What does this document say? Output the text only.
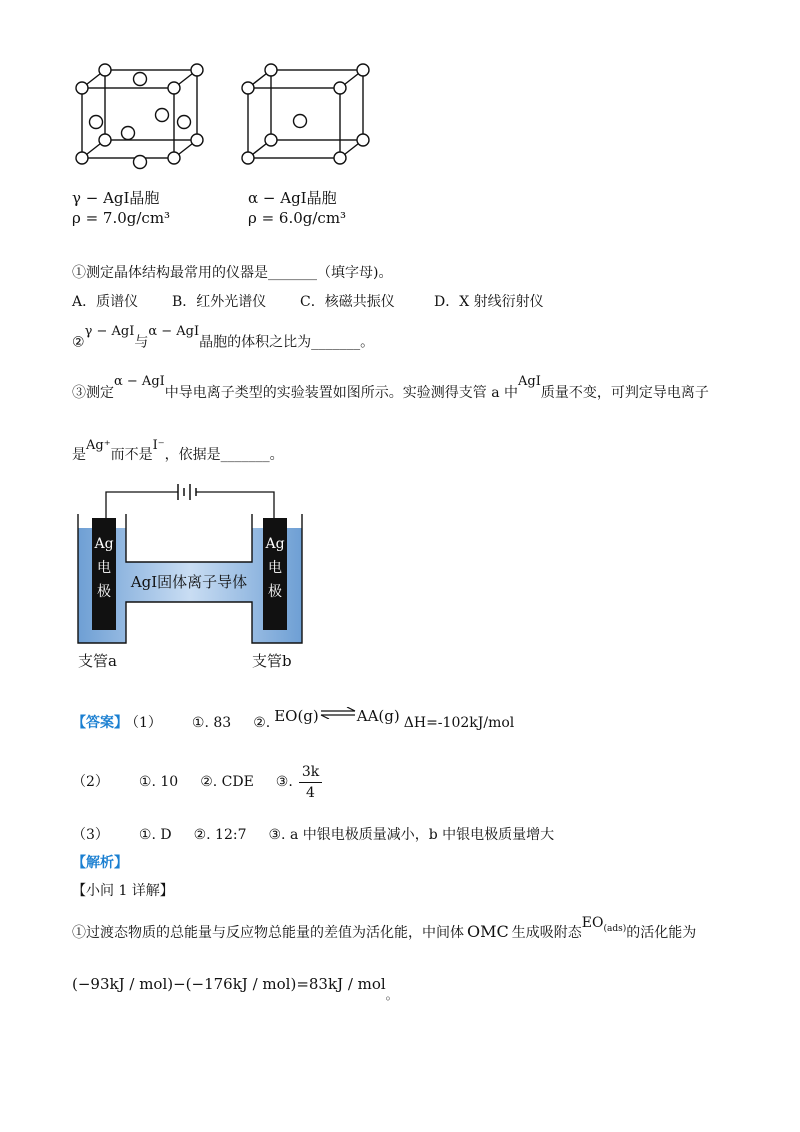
γ − AgI晶胞
ρ = 7.0g/cm³
α − AgI晶胞
ρ = 6.0g/cm³
①测定晶体结构最常用的仪器是_______（填字母)。
A．质谱仪 B．红外光谱仪 C．核磁共振仪	D．X 射线衍射仪
②γ − AgI与α − AgI晶胞的体积之比为_______。
③测定α − AgI中导电离子类型的实验装置如图所示。实验测得支管 a 中AgI质量不变，可判定导电离子
是Ag⁺而不是I⁻，依据是_______。
Ag
电
极
Ag
电
极
AgI固体离子导体
支管a	支管b
【答案】 （1） ①. 83 ②. EO(g)⇌AA(g) ΔH=-102kJ/mol
（2） ①. 10 ②. CDE ③. $\frac{3k}{4}$
（3） ①. D ②. 12:7 ③. a 中银电极质量减小，b 中银电极质量增大
【解析】
【小问 1 详解】
①过渡态物质的总能量与反应物总能量的差值为活化能，中间体 OMC 生成吸附态$EO^{(ads)}$的活化能为
(−93kJ / mol)−(−176kJ / mol)=83kJ / mol$_。$
